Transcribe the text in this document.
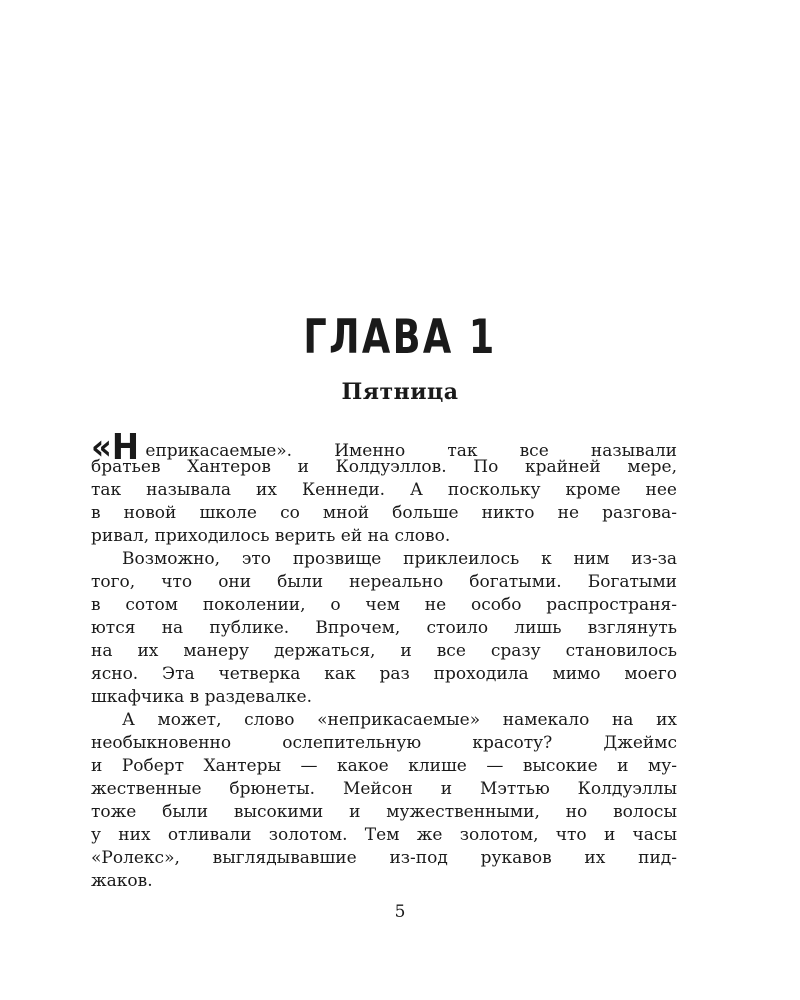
ГЛАВА 1
Пятница
«Н еприкасаемые». Именно так все называли
братьев Хантеров и Колдуэллов. По крайней мере,
так называла их Кеннеди. А поскольку кроме нее
в новой школе со мной больше никто не разгова-
ривал, приходилось верить ей на слово.
Возможно, это прозвище приклеилось к ним из-за
того, что они были нереально богатыми. Богатыми
в сотом поколении, о чем не особо распространя-
ются на публике. Впрочем, стоило лишь взглянуть
на их манеру держаться, и все сразу становилось
ясно. Эта четверка как раз проходила мимо моего
шкафчика в раздевалке.
А может, слово «неприкасаемые» намекало на их
необыкновенно ослепительную красоту? Джеймс
и Роберт Хантеры — какое клише — высокие и му-
жественные брюнеты. Мейсон и Мэттью Колдуэллы
тоже были высокими и мужественными, но волосы
у них отливали золотом. Тем же золотом, что и часы
«Ролекс», выглядывавшие из-под рукавов их пид-
жаков.
5
